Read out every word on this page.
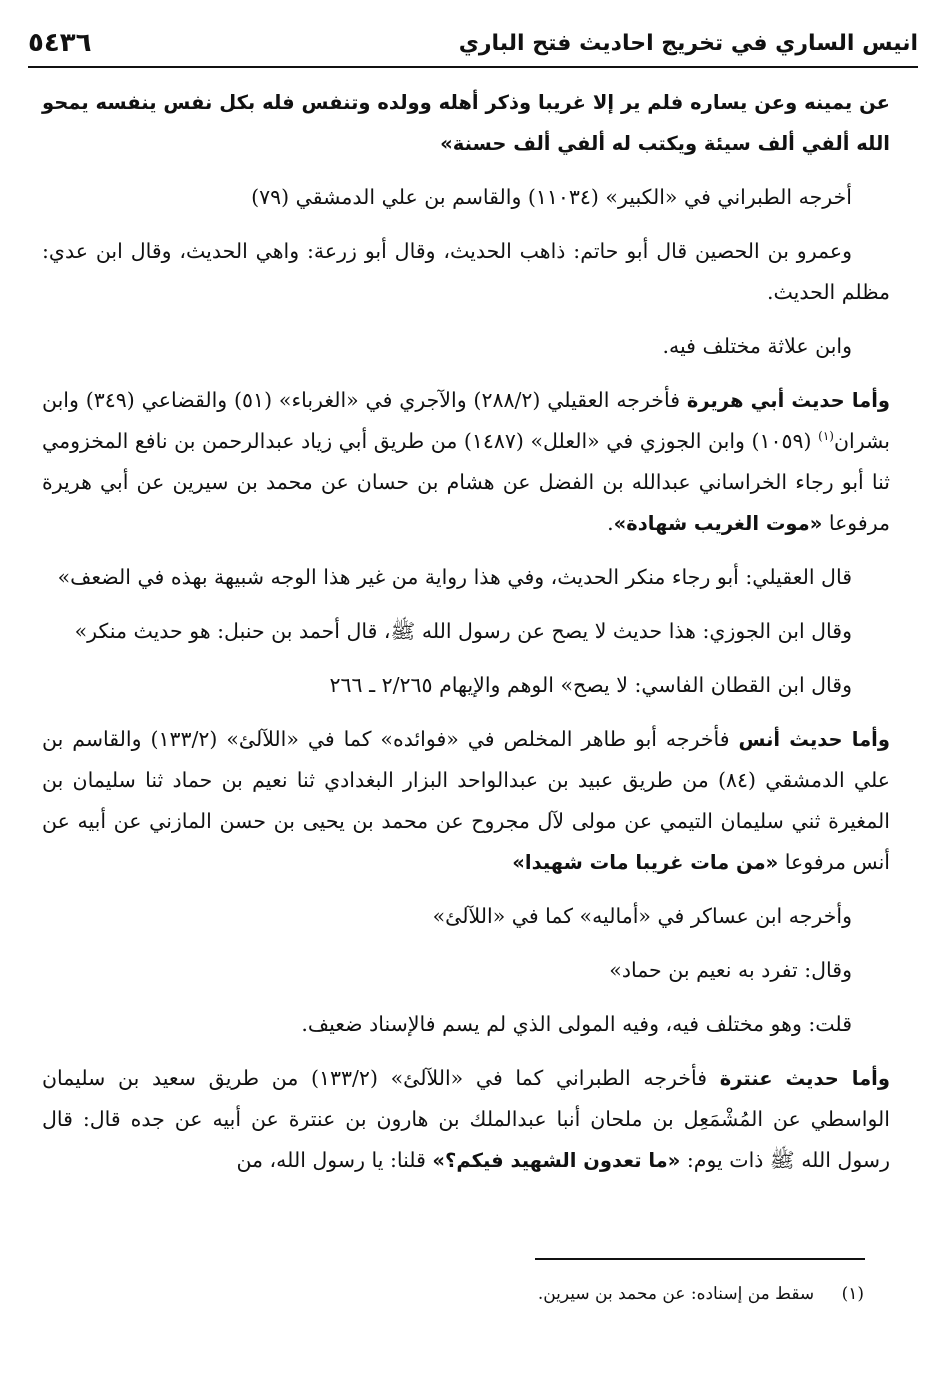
٥٤٣٦	انيس الساري في تخريج احاديث فتح الباري

عن يمينه وعن يساره فلم ير إلا غريبا وذكر أهله وولده وتنفس فله بكل نفس ينفسه يمحو الله ألفي ألف سيئة ويكتب له ألفي ألف حسنة»

أخرجه الطبراني في «الكبير» (١١٠٣٤) والقاسم بن علي الدمشقي (٧٩)

وعمرو بن الحصين قال أبو حاتم: ذاهب الحديث، وقال أبو زرعة: واهي الحديث، وقال ابن عدي: مظلم الحديث.

وابن علاثة مختلف فيه.

وأما حديث أبي هريرة فأخرجه العقيلي (٢٨٨/٢) والآجري في «الغرباء» (٥١) والقضاعي (٣٤٩) وابن بشران$^{(١)}$ (١٠٥٩) وابن الجوزي في «العلل» (١٤٨٧) من طريق أبي زياد عبدالرحمن بن نافع المخزومي ثنا أبو رجاء الخراساني عبدالله بن الفضل عن هشام بن حسان عن محمد بن سيرين عن أبي هريرة مرفوعا «موت الغريب شهادة».

قال العقيلي: أبو رجاء منكر الحديث، وفي هذا رواية من غير هذا الوجه شبيهة بهذه في الضعف»

وقال ابن الجوزي: هذا حديث لا يصح عن رسول الله ﷺ، قال أحمد بن حنبل: هو حديث منكر»

وقال ابن القطان الفاسي: لا يصح» الوهم والإيهام ٢/٢٦٥ ـ ٢٦٦

وأما حديث أنس فأخرجه أبو طاهر المخلص في «فوائده» كما في «اللآلئ» (١٣٣/٢) والقاسم بن علي الدمشقي (٨٤) من طريق عبيد بن عبدالواحد البزار البغدادي ثنا نعيم بن حماد ثنا سليمان بن المغيرة ثني سليمان التيمي عن مولى لآل مجروح عن محمد بن يحيى بن حسن المازني عن أبيه عن أنس مرفوعا «من مات غريبا مات شهيدا»

وأخرجه ابن عساكر في «أماليه» كما في «اللآلئ»

وقال: تفرد به نعيم بن حماد»

قلت: وهو مختلف فيه، وفيه المولى الذي لم يسم فالإسناد ضعيف.

وأما حديث عنترة فأخرجه الطبراني كما في «اللآلئ» (١٣٣/٢) من طريق سعيد بن سليمان الواسطي عن المُشْمَعِل بن ملحان أنبا عبدالملك بن هارون بن عنترة عن أبيه عن جده قال: قال رسول الله ﷺ ذات يوم: «ما تعدون الشهيد فيكم؟» قلنا: يا رسول الله، من

(١) سقط من إسناده: عن محمد بن سيرين.
